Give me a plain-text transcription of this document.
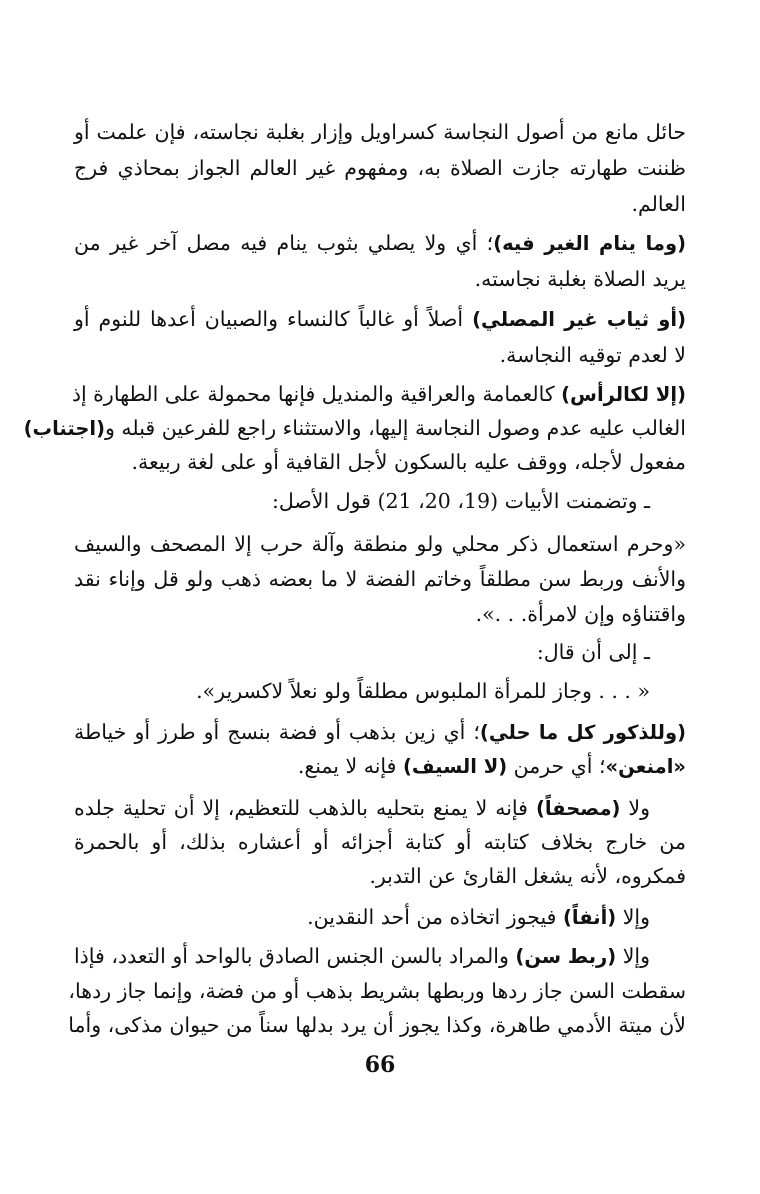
حائل مانع من أصول النجاسة كسراويل وإزار بغلبة نجاسته، فإن علمت أو
ظننت طهارته جازت الصلاة به، ومفهوم غير العالم الجواز بمحاذي فرج
العالم.
(وما ينام الغير فيه)؛ أي ولا يصلي بثوب ينام فيه مصل آخر غير من
يريد الصلاة بغلبة نجاسته.
(أو ثياب غير المصلي) أصلاً أو غالباً كالنساء والصبيان أعدها للنوم أو
لا لعدم توقيه النجاسة.
(إلا لكالرأس) كالعمامة والعراقية والمنديل فإنها محمولة على الطهارة إذ
الغالب عليه عدم وصول النجاسة إليها، والاستثناء راجع للفرعين قبله و(اجتناب)
مفعول لأجله، ووقف عليه بالسكون لأجل القافية أو على لغة ربيعة.
ـ وتضمنت الأبيات (19، 20، 21) قول الأصل:
«وحرم استعمال ذكر محلي ولو منطقة وآلة حرب إلا المصحف والسيف
والأنف وربط سن مطلقاً وخاتم الفضة لا ما بعضه ذهب ولو قل وإناء نقد
واقتناؤه وإن لامرأة. . .».
ـ إلى أن قال:
« . . . وجاز للمرأة الملبوس مطلقاً ولو نعلاً لاكسرير».
(وللذكور كل ما حلي)؛ أي زين بذهب أو فضة بنسج أو طرز أو خياطة
«امنعن»؛ أي حرمن (لا السيف) فإنه لا يمنع.
ولا (مصحفاً) فإنه لا يمنع بتحليه بالذهب للتعظيم، إلا أن تحلية جلده
من خارج بخلاف كتابته أو كتابة أجزائه أو أعشاره بذلك، أو بالحمرة
فمكروه، لأنه يشغل القارئ عن التدبر.
وإلا (أنفاً) فيجوز اتخاذه من أحد النقدين.
وإلا (ربط سن) والمراد بالسن الجنس الصادق بالواحد أو التعدد، فإذا
سقطت السن جاز ردها وربطها بشريط بذهب أو من فضة، وإنما جاز ردها،
لأن ميتة الأدمي طاهرة، وكذا يجوز أن يرد بدلها سناً من حيوان مذكى، وأما
66
